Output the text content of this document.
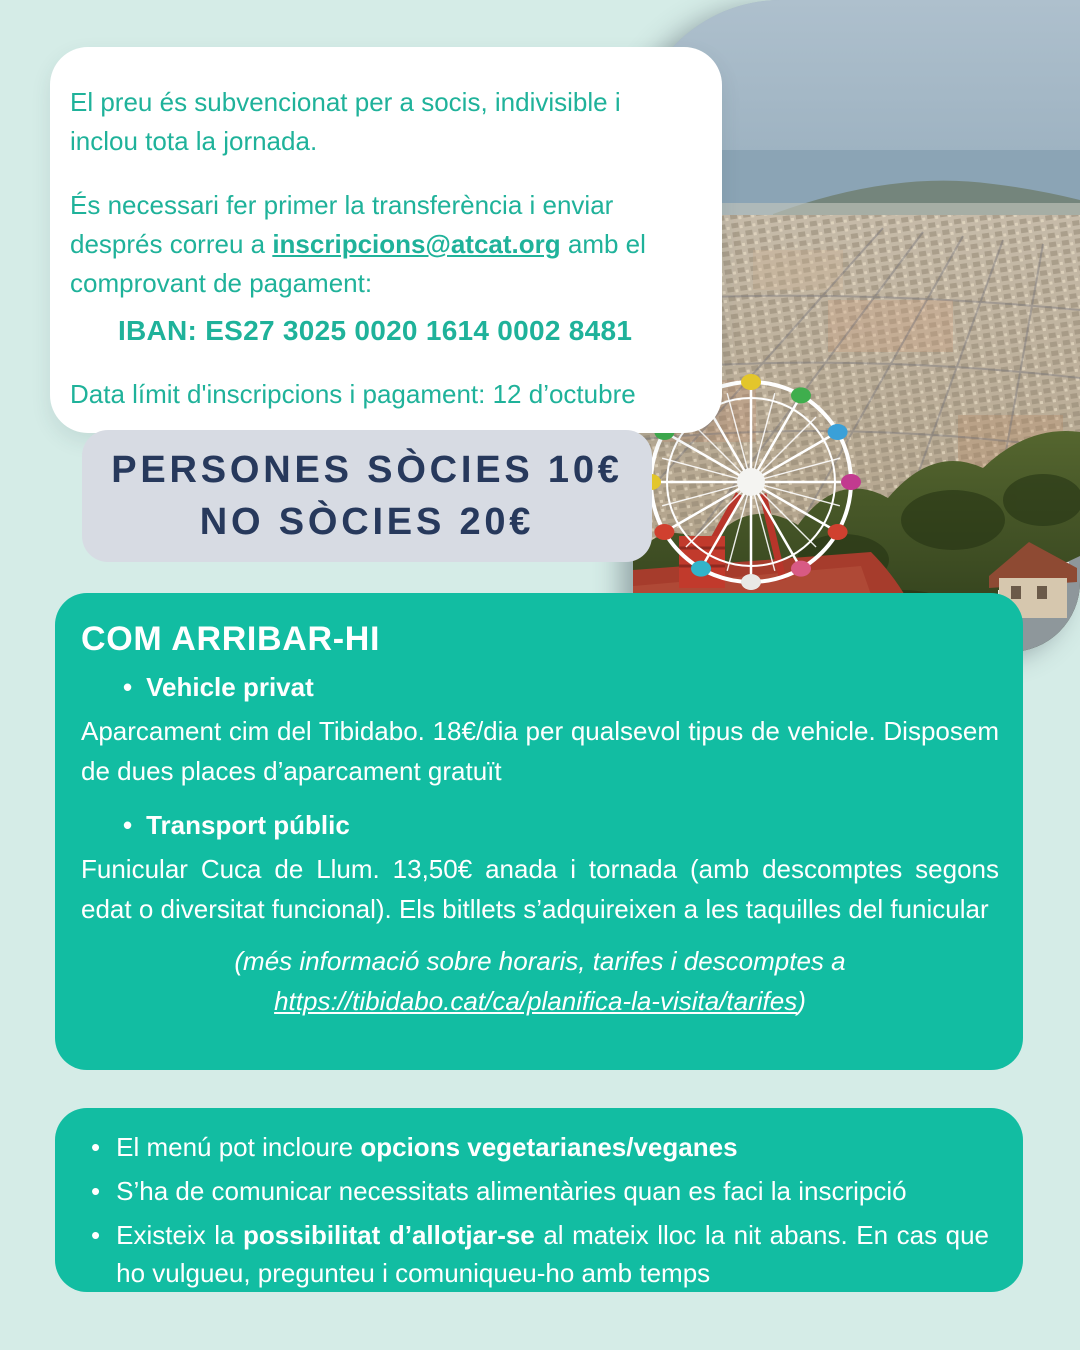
El preu és subvencionat per a socis, indivisible i inclou tota la jornada.

És necessari fer primer la transferència i enviar després correu a inscripcions@atcat.org amb el comprovant de pagament:

IBAN: ES27 3025 0020 1614 0002 8481

Data límit d'inscripcions i pagament: 12 d’octubre

PERSONES SÒCIES 10€
NO SÒCIES 20€
COM ARRIBAR-HI
• Vehicle privat

Aparcament cim del Tibidabo. 18€/dia per qualsevol tipus de vehicle. Disposem de dues places d’aparcament gratuït

• Transport públic

Funicular Cuca de Llum. 13,50€ anada i tornada (amb descomptes segons edat o diversitat funcional). Els bitllets s’adquireixen a les taquilles del funicular

(més informació sobre horaris, tarifes i descomptes a https://tibidabo.cat/ca/planifica-la-visita/tarifes)

• El menú pot incloure opcions vegetarianes/veganes
• S’ha de comunicar necessitats alimentàries quan es faci la inscripció
• Existeix la possibilitat d’allotjar-se al mateix lloc la nit abans. En cas que ho vulgueu, pregunteu i comuniqueu-ho amb temps
